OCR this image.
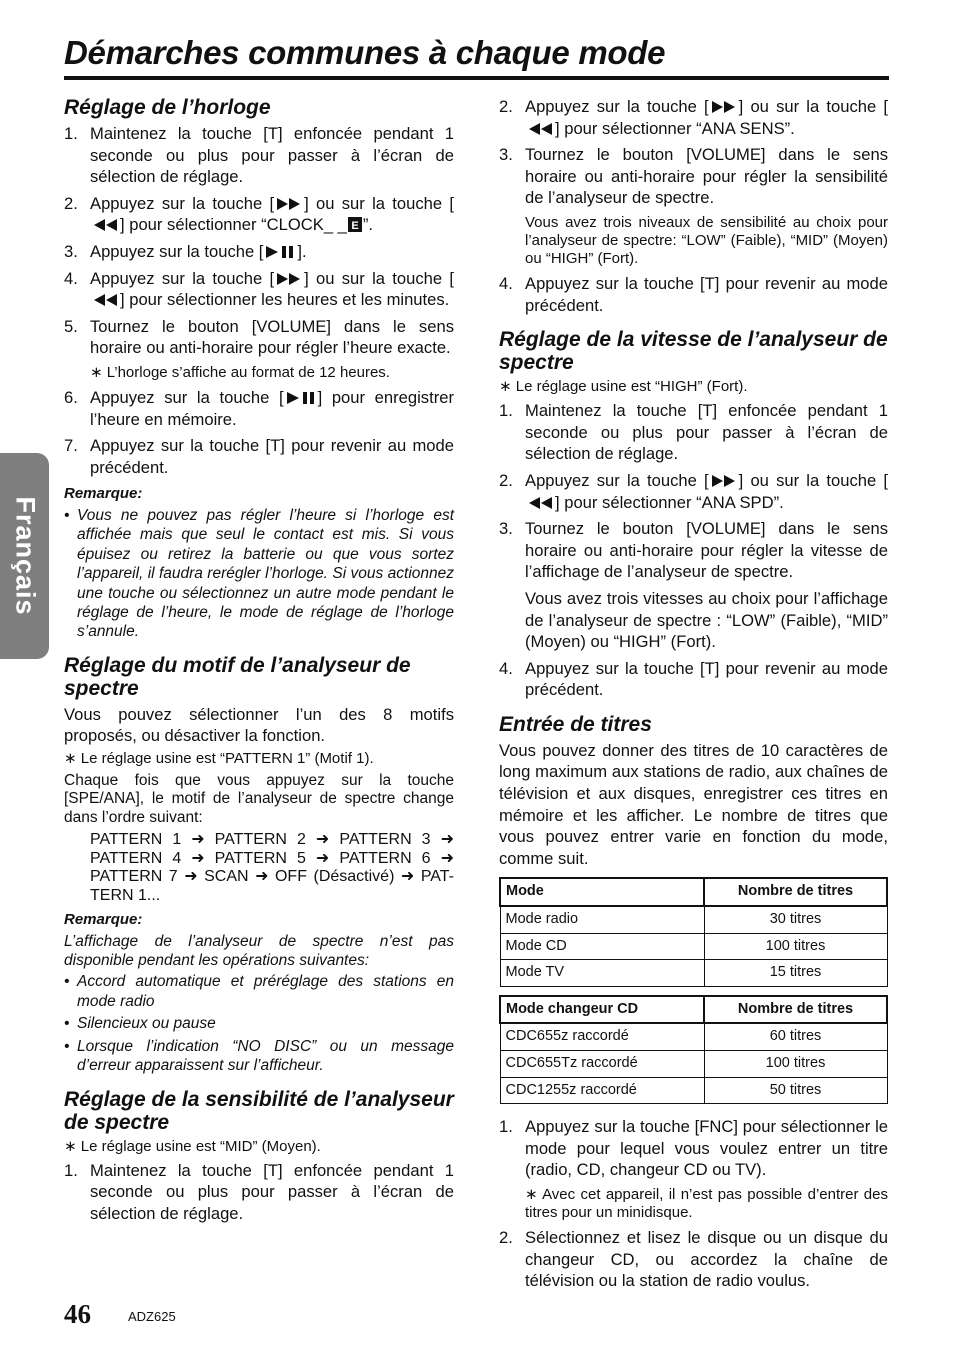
Démarches communes à chaque mode
Français
Réglage de l’horloge
1. Maintenez la touche [T] enfoncée pendant 1 seconde ou plus pour passer à l’écran de sélection de réglage.
2. Appuyez sur la touche [ ] ou sur la touche [] pour sélectionner “CLOCK_ _ E ”.
3. Appuyez sur la touche [ ].
4. Appuyez sur la touche [ ] ou sur la touche [] pour sélectionner les heures et les minutes.
5. Tournez le bouton [VOLUME] dans le sens horaire ou anti-horaire pour régler l’heure exacte.
∗ L’horloge s’affiche au format de 12 heures.
6. Appuyez sur la touche [ ] pour enregistrer l’heure en mémoire.
7. Appuyez sur la touche [T] pour revenir au mode précédent.
Remarque:
• Vous ne pouvez pas régler l’heure si l’horloge est affichée mais que seul le contact est mis. Si vous épuisez ou retirez la batterie ou que vous sortez l’appareil, il faudra rerégler l’horloge. Si vous actionnez une touche ou sélectionnez un autre mode pendant le réglage de l’heure, le mode de réglage de l’horloge s’annule.
Réglage du motif de l’analyseur de spectre

Vous pouvez sélectionner l’un des 8 motifs proposés, ou désactiver la fonction.

∗ Le réglage usine est “PATTERN 1” (Motif 1).

Chaque fois que vous appuyez sur la touche [SPE/ANA], le motif de l’analyseur de spectre change dans l’ordre suivant:

PATTERN 1 ➜ PATTERN 2 ➜ PATTERN 3 ➜ PATTERN 4 ➜ PATTERN 5 ➜ PATTERN 6 ➜ PATTERN 7 ➜ SCAN ➜ OFF (Désactivé) ➜ PAT-TERN 1...
Remarque:

L’affichage de l’analyseur de spectre n’est pas disponible pendant les opérations suivantes:

• Accord automatique et préréglage des stations en mode radio
• Silencieux ou pause
• Lorsque l’indication “NO DISC” ou un message d’erreur apparaissent sur l’afficheur.
Réglage de la sensibilité de l’analyseur de spectre
∗ Le réglage usine est “MID” (Moyen).
1. Maintenez la touche [T] enfoncée pendant 1 seconde ou plus pour passer à l’écran de sélection de réglage.
2. Appuyez sur la touche [ ] ou sur la touche [] pour sélectionner “ANA SENS”.
3. Tournez le bouton [VOLUME] dans le sens horaire ou anti-horaire pour régler la sensibilité de l’analyseur de spectre.
Vous avez trois niveaux de sensibilité au choix pour l’analyseur de spectre: “LOW” (Faible), “MID” (Moyen) ou “HIGH” (Fort).
4. Appuyez sur la touche [T] pour revenir au mode précédent.
Réglage de la vitesse de l’analyseur de spectre
∗ Le réglage usine est “HIGH” (Fort).
1. Maintenez la touche [T] enfoncée pendant 1 seconde ou plus pour passer à l’écran de sélection de réglage.
2. Appuyez sur la touche [ ] ou sur la touche [] pour sélectionner “ANA SPD”.
3. Tournez le bouton [VOLUME] dans le sens horaire ou anti-horaire pour régler la vitesse de l’affichage de l’analyseur de spectre.
Vous avez trois vitesses au choix pour l’affichage de l’analyseur de spectre : “LOW” (Faible), “MID” (Moyen) ou “HIGH” (Fort).
4. Appuyez sur la touche [T] pour revenir au mode précédent.
Entrée de titres

Vous pouvez donner des titres de 10 caractères de long maximum aux stations de radio, aux chaînes de télévision et aux disques, enregistrer ces titres en mémoire et les afficher. Le nombre de titres que vous pouvez entrer varie en fonction du mode, comme suit.

Mode	Nombre de titres
Mode radio	30 titres
Mode CD	100 titres
Mode TV	15 titres
Mode changeur CD	Nombre de titres
CDC655z raccordé	60 titres
CDC655Tz raccordé	100 titres
CDC1255z raccordé	50 titres
1. Appuyez sur la touche [FNC] pour sélectionner le mode pour lequel vous voulez entrer un titre (radio, CD, changeur CD ou TV).
∗ Avec cet appareil, il n’est pas possible d’entrer des titres pour un minidisque.
2. Sélectionnez et lisez le disque ou un disque du changeur CD, ou accordez la chaîne de télévision ou la station de radio voulus.
46	ADZ625
